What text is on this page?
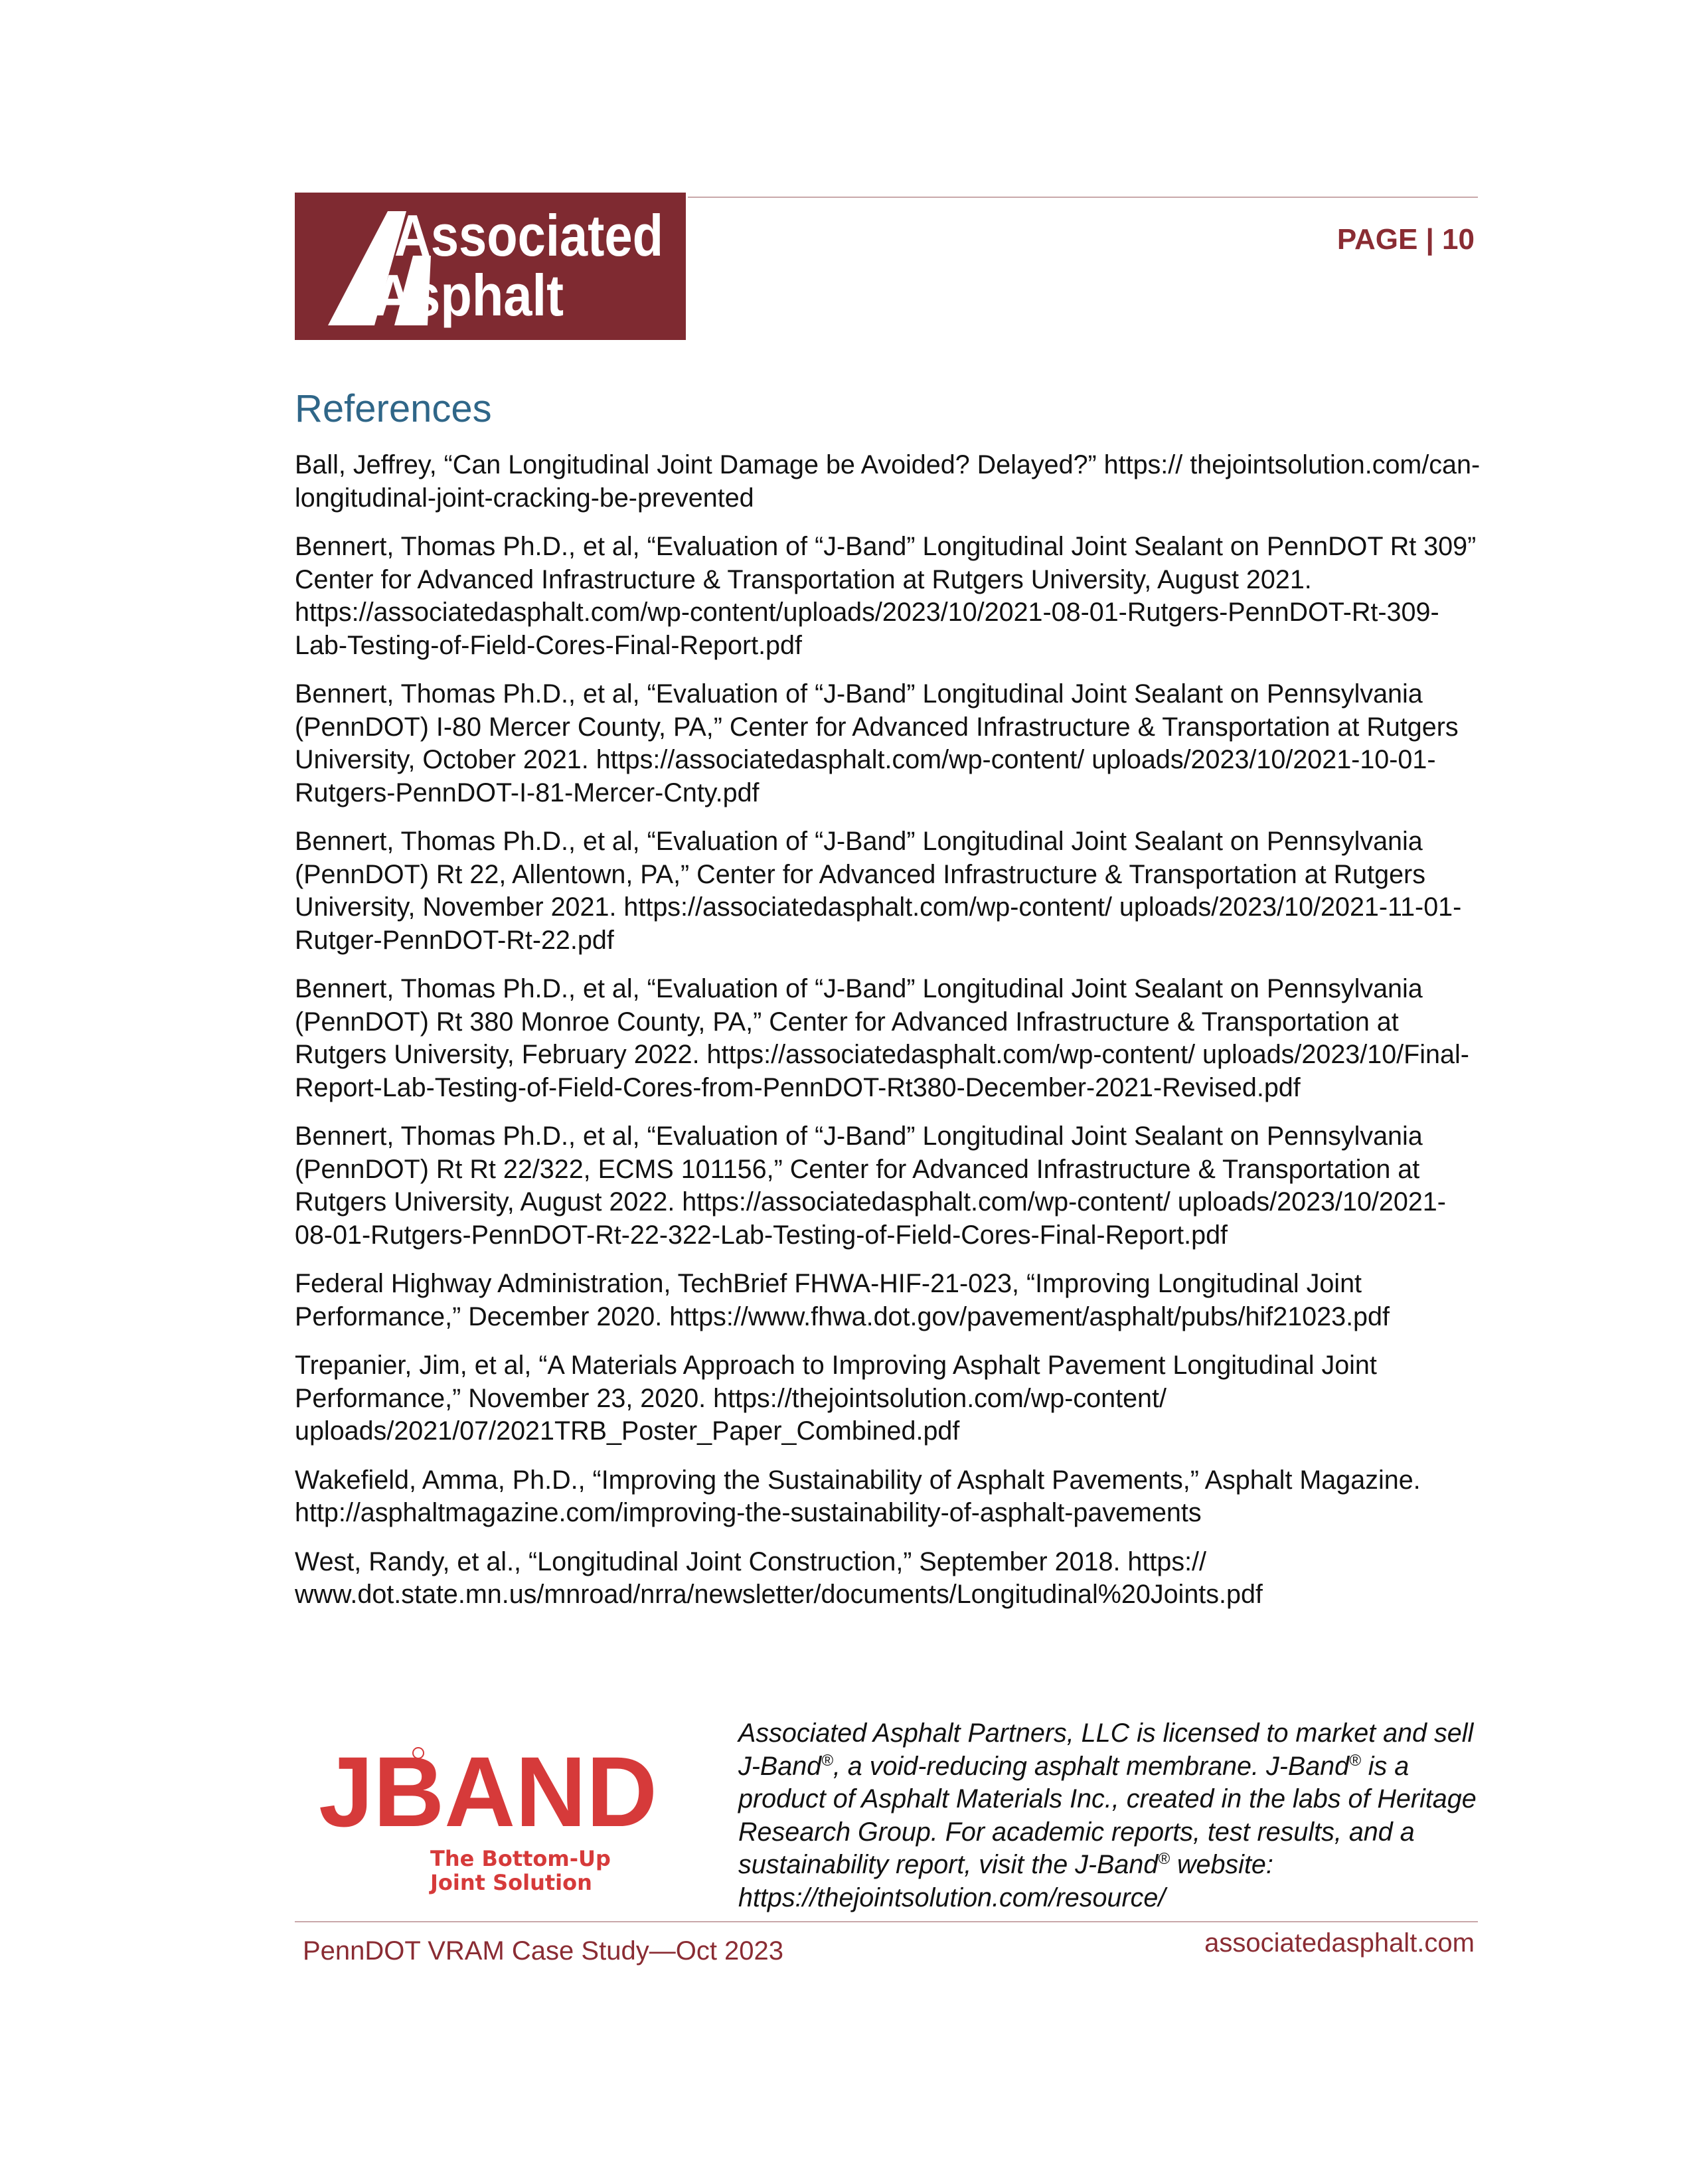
Associated
Asphalt
PAGE | 10
References

Ball, Jeffrey, “Can Longitudinal Joint Damage be Avoided? Delayed?” https:// thejointsolution.com/can-longitudinal-joint-cracking-be-prevented

Bennert, Thomas Ph.D., et al, “Evaluation of “J-Band” Longitudinal Joint Sealant on PennDOT Rt 309” Center for Advanced Infrastructure & Transportation at Rutgers University, August 2021. https://associatedasphalt.com/wp-content/uploads/2023/10/2021-08-01-Rutgers-PennDOT-Rt-309-Lab-Testing-of-Field-Cores-Final-Report.pdf

Bennert, Thomas Ph.D., et al, “Evaluation of “J-Band” Longitudinal Joint Sealant on Pennsylvania (PennDOT) I-80 Mercer County, PA,” Center for Advanced Infrastructure & Transportation at Rutgers University, October 2021. https://associatedasphalt.com/wp-content/ uploads/2023/10/2021-10-01-Rutgers-PennDOT-I-81-Mercer-Cnty.pdf

Bennert, Thomas Ph.D., et al, “Evaluation of “J-Band” Longitudinal Joint Sealant on Pennsylvania (PennDOT) Rt 22, Allentown, PA,” Center for Advanced Infrastructure & Transportation at Rutgers University, November 2021. https://associatedasphalt.com/wp-content/ uploads/2023/10/2021-11-01-Rutger-PennDOT-Rt-22.pdf

Bennert, Thomas Ph.D., et al, “Evaluation of “J-Band” Longitudinal Joint Sealant on Pennsylvania (PennDOT) Rt 380 Monroe County, PA,” Center for Advanced Infrastructure & Transportation at Rutgers University, February 2022. https://associatedasphalt.com/wp-content/ uploads/2023/10/Final-Report-Lab-Testing-of-Field-Cores-from-PennDOT-Rt380-December-2021-Revised.pdf

Bennert, Thomas Ph.D., et al, “Evaluation of “J-Band” Longitudinal Joint Sealant on Pennsylvania (PennDOT) Rt Rt 22/322, ECMS 101156,” Center for Advanced Infrastructure & Transportation at Rutgers University, August 2022. https://associatedasphalt.com/wp-content/ uploads/2023/10/2021-08-01-Rutgers-PennDOT-Rt-22-322-Lab-Testing-of-Field-Cores-Final-Report.pdf

Federal Highway Administration, TechBrief FHWA-HIF-21-023, “Improving Longitudinal Joint Performance,” December 2020. https://www.fhwa.dot.gov/pavement/asphalt/pubs/hif21023.pdf

Trepanier, Jim, et al, “A Materials Approach to Improving Asphalt Pavement Longitudinal Joint Performance,” November 23, 2020. https://thejointsolution.com/wp-content/ uploads/2021/07/2021TRB_Poster_Paper_Combined.pdf

Wakefield, Amma, Ph.D., “Improving the Sustainability of Asphalt Pavements,” Asphalt Magazine. http://asphaltmagazine.com/improving-the-sustainability-of-asphalt-pavements

West, Randy, et al., “Longitudinal Joint Construction,” September 2018. https:// www.dot.state.mn.us/mnroad/nrra/newsletter/documents/Longitudinal%20Joints.pdf

JBAND
The Bottom-Up
Joint Solution
Associated Asphalt Partners, LLC is licensed to market and sell J-Band®, a void-reducing asphalt membrane. J-Band® is a product of Asphalt Materials Inc., created in the labs of Heritage Research Group. For academic reports, test results, and a sustainability report, visit the J-Band® website: https://thejointsolution.com/resource/
PennDOT VRAM Case Study—Oct 2023	associatedasphalt.com
